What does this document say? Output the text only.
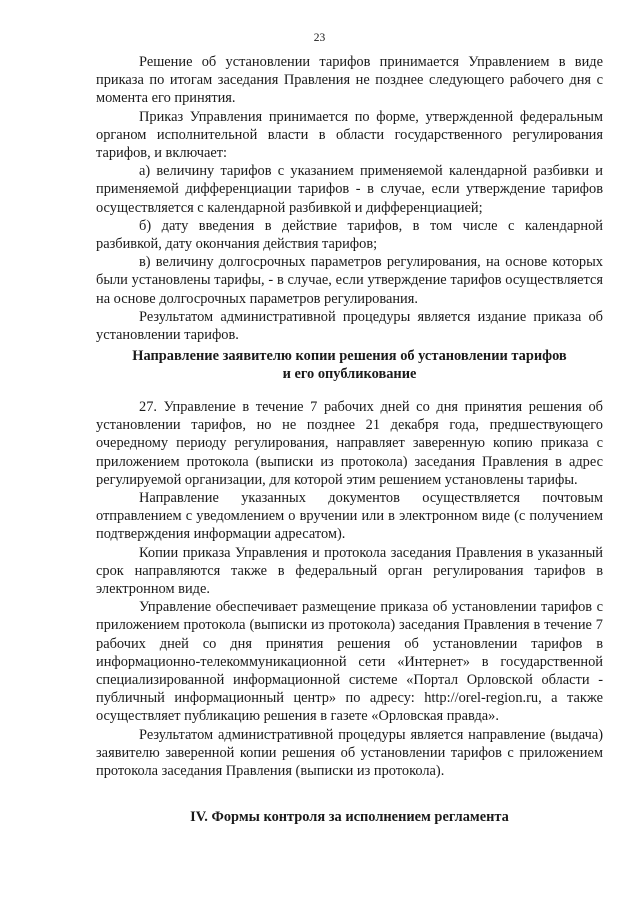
23

Решение об установлении тарифов принимается Управлением в виде приказа по итогам заседания Правления не позднее следующего рабочего дня с момента его принятия.

Приказ Управления принимается по форме, утвержденной федеральным органом исполнительной власти в области государственного регулирования тарифов, и включает:

а) величину тарифов с указанием применяемой календарной разбивки и применяемой дифференциации тарифов - в случае, если утверждение тарифов осуществляется с календарной разбивкой и дифференциацией;

б) дату введения в действие тарифов, в том числе с календарной разбивкой, дату окончания действия тарифов;

в) величину долгосрочных параметров регулирования, на основе которых были установлены тарифы, - в случае, если утверждение тарифов осуществляется на основе долгосрочных параметров регулирования.

Результатом административной процедуры является издание приказа об установлении тарифов.

Направление заявителю копии решения об установлении тарифов

и его опубликование

27. Управление в течение 7 рабочих дней со дня принятия решения об установлении тарифов, но не позднее 21 декабря года, предшествующего очередному периоду регулирования, направляет заверенную копию приказа с приложением протокола (выписки из протокола) заседания Правления в адрес регулируемой организации, для которой этим решением установлены тарифы.

Направление указанных документов осуществляется почтовым отправлением с уведомлением о вручении или в электронном виде (с получением подтверждения информации адресатом).

Копии приказа Управления и протокола заседания Правления в указанный срок направляются также в федеральный орган регулирования тарифов в электронном виде.

Управление обеспечивает размещение приказа об установлении тарифов с приложением протокола (выписки из протокола) заседания Правления в течение 7 рабочих дней со дня принятия решения об установлении тарифов в информационно-телекоммуникационной сети «Интернет» в государственной специализированной информационной системе «Портал Орловской области - публичный информационный центр» по адресу: http://orel-region.ru, а также осуществляет публикацию решения в газете «Орловская правда».

Результатом административной процедуры является направление (выдача) заявителю заверенной копии решения об установлении тарифов с приложением протокола заседания Правления (выписки из протокола).

IV. Формы контроля за исполнением регламента
